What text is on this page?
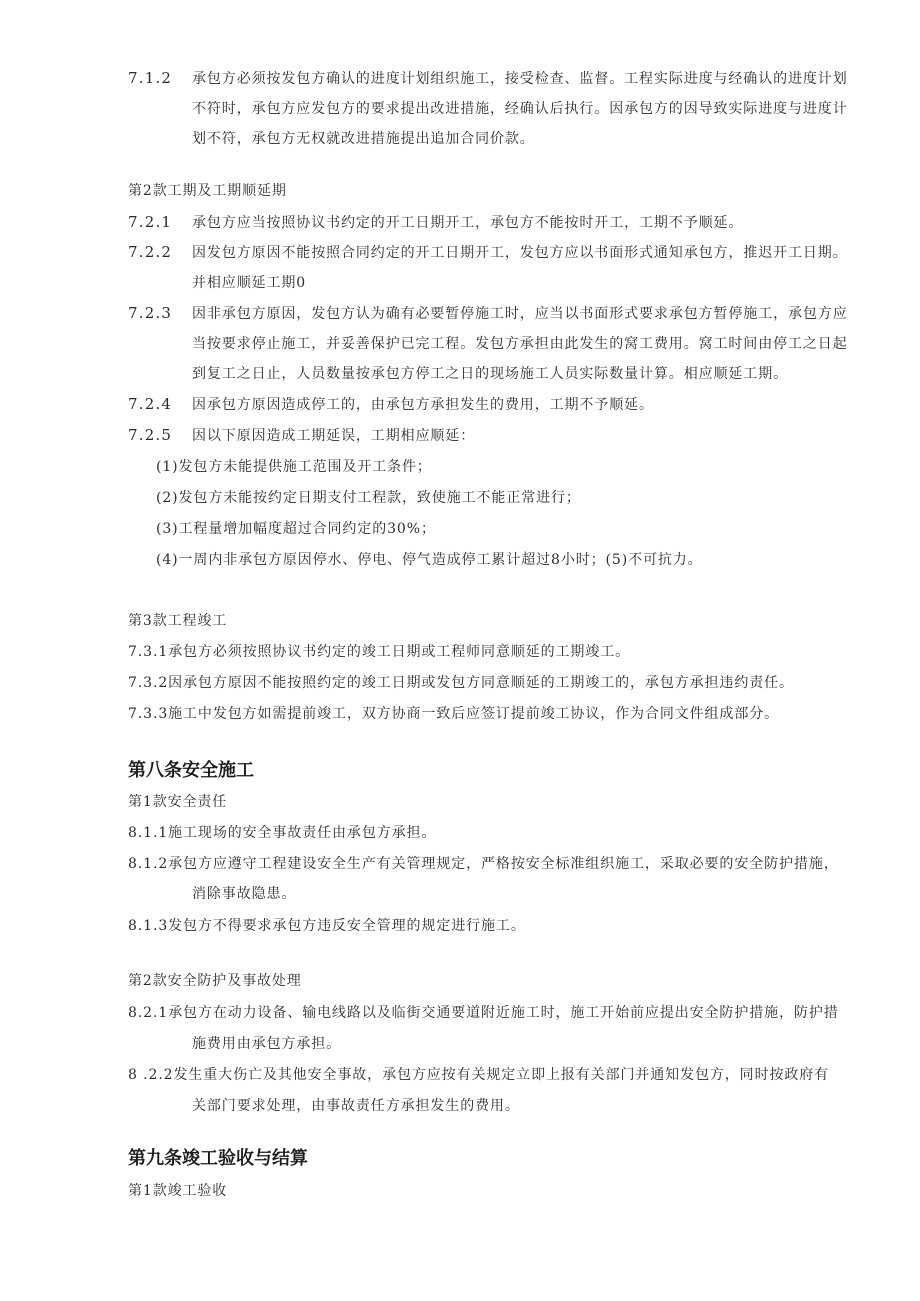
7.1.2 承包方必须按发包方确认的进度计划组织施工，接受检查、监督。工程实际进度与经确认的进度计划
不符时，承包方应发包方的要求提出改进措施，经确认后执行。因承包方的因导致实际进度与进度计
划不符，承包方无权就改进措施提出追加合同价款。
第2款工期及工期顺延期
7.2.1 承包方应当按照协议书约定的开工日期开工，承包方不能按时开工，工期不予顺延。
7.2.2 因发包方原因不能按照合同约定的开工日期开工，发包方应以书面形式通知承包方，推迟开工日期。
并相应顺延工期0
7.2.3 因非承包方原因，发包方认为确有必要暂停施工时，应当以书面形式要求承包方暂停施工，承包方应
当按要求停止施工，并妥善保护已完工程。发包方承担由此发生的窝工费用。窝工时间由停工之日起
到复工之日止，人员数量按承包方停工之日的现场施工人员实际数量计算。相应顺延工期。
7.2.4 因承包方原因造成停工的，由承包方承担发生的费用，工期不予顺延。
7.2.5 因以下原因造成工期延误，工期相应顺延：
(1)发包方未能提供施工范围及开工条件；
(2)发包方未能按约定日期支付工程款，致使施工不能正常进行；
(3)工程量增加幅度超过合同约定的30%；
(4)一周内非承包方原因停水、停电、停气造成停工累计超过8小时；(5)不可抗力。
第3款工程竣工
7.3.1承包方必须按照协议书约定的竣工日期或工程师同意顺延的工期竣工。
7.3.2因承包方原因不能按照约定的竣工日期或发包方同意顺延的工期竣工的，承包方承担违约责任。
7.3.3施工中发包方如需提前竣工，双方协商一致后应签订提前竣工协议，作为合同文件组成部分。
第八条安全施工
第1款安全责任
8.1.1施工现场的安全事故责任由承包方承担。
8.1.2承包方应遵守工程建设安全生产有关管理规定，严格按安全标准组织施工，采取必要的安全防护措施，
消除事故隐患。
8.1.3发包方不得要求承包方违反安全管理的规定进行施工。
第2款安全防护及事故处理
8.2.1承包方在动力设备、输电线路以及临街交通要道附近施工时，施工开始前应提出安全防护措施，防护措
施费用由承包方承担。
8 .2.2发生重大伤亡及其他安全事故，承包方应按有关规定立即上报有关部门并通知发包方，同时按政府有
关部门要求处理，由事故责任方承担发生的费用。
第九条竣工验收与结算
第1款竣工验收
